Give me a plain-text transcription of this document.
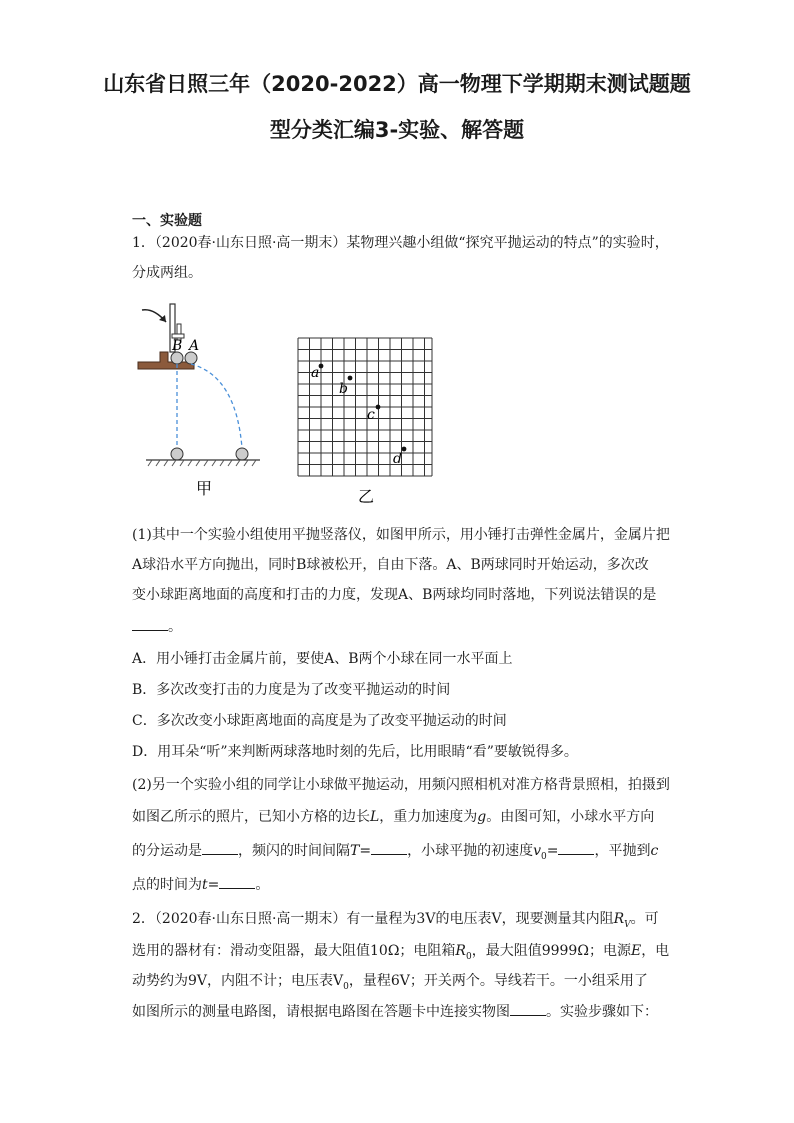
山东省日照三年（2020-2022）高一物理下学期期末测试题题
型分类汇编3-实验、解答题
一、实验题
1．（2020春·山东日照·高一期末）某物理兴趣小组做“探究平抛运动的特点”的实验时，
分成两组。
B A
甲
a
b
c
d
乙
(1)其中一个实验小组使用平抛竖落仪，如图甲所示，用小锤打击弹性金属片，金属片把
A球沿水平方向抛出，同时B球被松开，自由下落。A、B两球同时开始运动，多次改
变小球距离地面的高度和打击的力度，发现A、B两球均同时落地，下列说法错误的是
。
A．用小锤打击金属片前，要使A、B两个小球在同一水平面上
B．多次改变打击的力度是为了改变平抛运动的时间
C．多次改变小球距离地面的高度是为了改变平抛运动的时间
D．用耳朵“听”来判断两球落地时刻的先后，比用眼睛“看”要敏锐得多。
(2)另一个实验小组的同学让小球做平抛运动，用频闪照相机对准方格背景照相，拍摄到
如图乙所示的照片，已知小方格的边长L，重力加速度为g。由图可知，小球水平方向
的分运动是	，频闪的时间间隔T=	，小球平抛的初速度$v_0=$	，平抛到c
点的时间为t=	。
2．（2020春·山东日照·高一期末）有一量程为3V的电压表V，现要测量其内阻$R_V$。可
选用的器材有：滑动变阻器，最大阻值10Ω；电阻箱$R_0$，最大阻值9999Ω；电源E，电
动势约为9V，内阻不计；电压表$V_0$，量程6V；开关两个。导线若干。一小组采用了
如图所示的测量电路图，请根据电路图在答题卡中连接实物图	。实验步骤如下：
